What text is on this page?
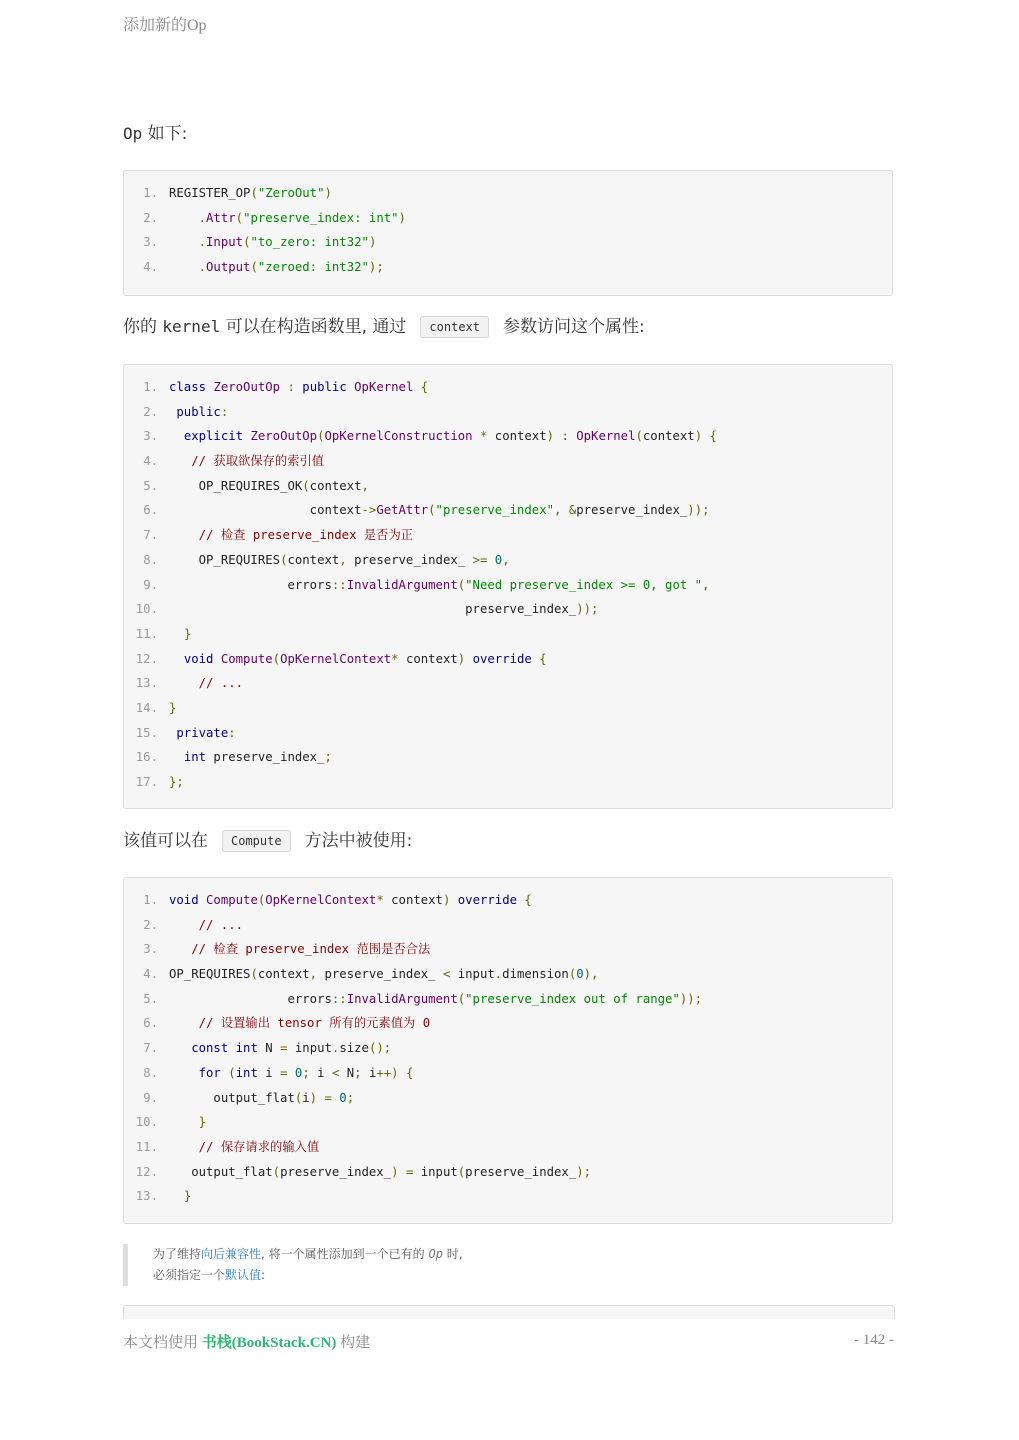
添加新的Op
Op 如下:
1. REGISTER_OP("ZeroOut")
2.	.Attr("preserve_index: int")
3.	.Input("to_zero: int32")
4.	.Output("zeroed: int32");
你的 kernel 可以在构造函数里, 通过 context 参数访问这个属性:
1. class ZeroOutOp : public OpKernel {
2. public:
3. explicit ZeroOutOp(OpKernelConstruction * context) : OpKernel(context) {
4.	// 获取欲保存的索引值
5.    OP_REQUIRES_OK(context,
6.                   context->GetAttr("preserve_index", &preserve_index_));
7.	// 检查 preserve_index 是否为正
8.    OP_REQUIRES(context, preserve_index_ >= 0,
9.                errors::InvalidArgument("Need preserve_index >= 0, got ",
10.                                        preserve_index_));
11. }
12. void Compute(OpKernelContext* context) override {
13.	// ...
14. }
15. private:
16. int preserve_index_;
17. };
该值可以在 Compute 方法中被使用:
1. void Compute(OpKernelContext* context) override {
2.	// ...
3.	// 检查 preserve_index 范围是否合法
4. OP_REQUIRES(context, preserve_index_ < input.dimension(0),
5.                errors::InvalidArgument("preserve_index out of range"));
6.	// 设置输出 tensor 所有的元素值为 0
7.	const int N = input.size();
8.	for (int i = 0; i < N; i++) {
9.      output_flat(i) = 0;
10.	}
11.	// 保存请求的输入值
12.   output_flat(preserve_index_) = input(preserve_index_);
13. }
为了维持向后兼容性, 将一个属性添加到一个已有的 Op 时,
必须指定一个默认值:
本文档使用 书栈(BookStack.CN) 构建	- 142 -
